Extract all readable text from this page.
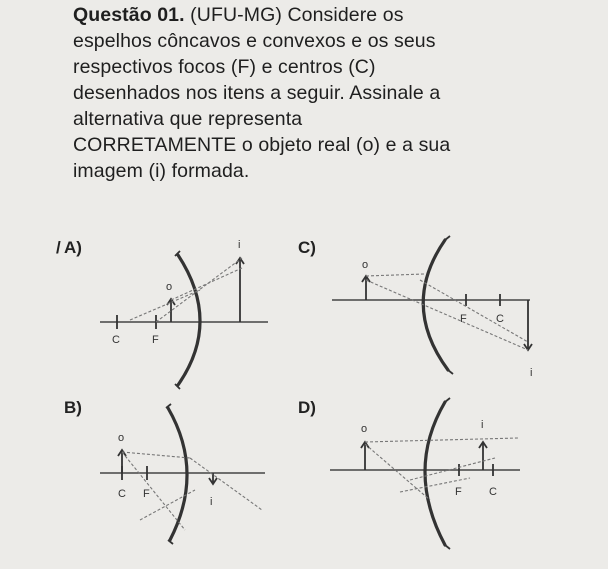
Questão 01. (UFU-MG) Considere os
espelhos côncavos e convexos e os seus
respectivos focos (F) e centros (C)
desenhados nos itens a seguir. Assinale a
alternativa que representa
CORRETAMENTE o objeto real (o) e a sua
imagem (i) formada.
/ A)	C)
B)	D)
C	F
o
i
o
F	C
i
o
C F
i
o	i
F C
